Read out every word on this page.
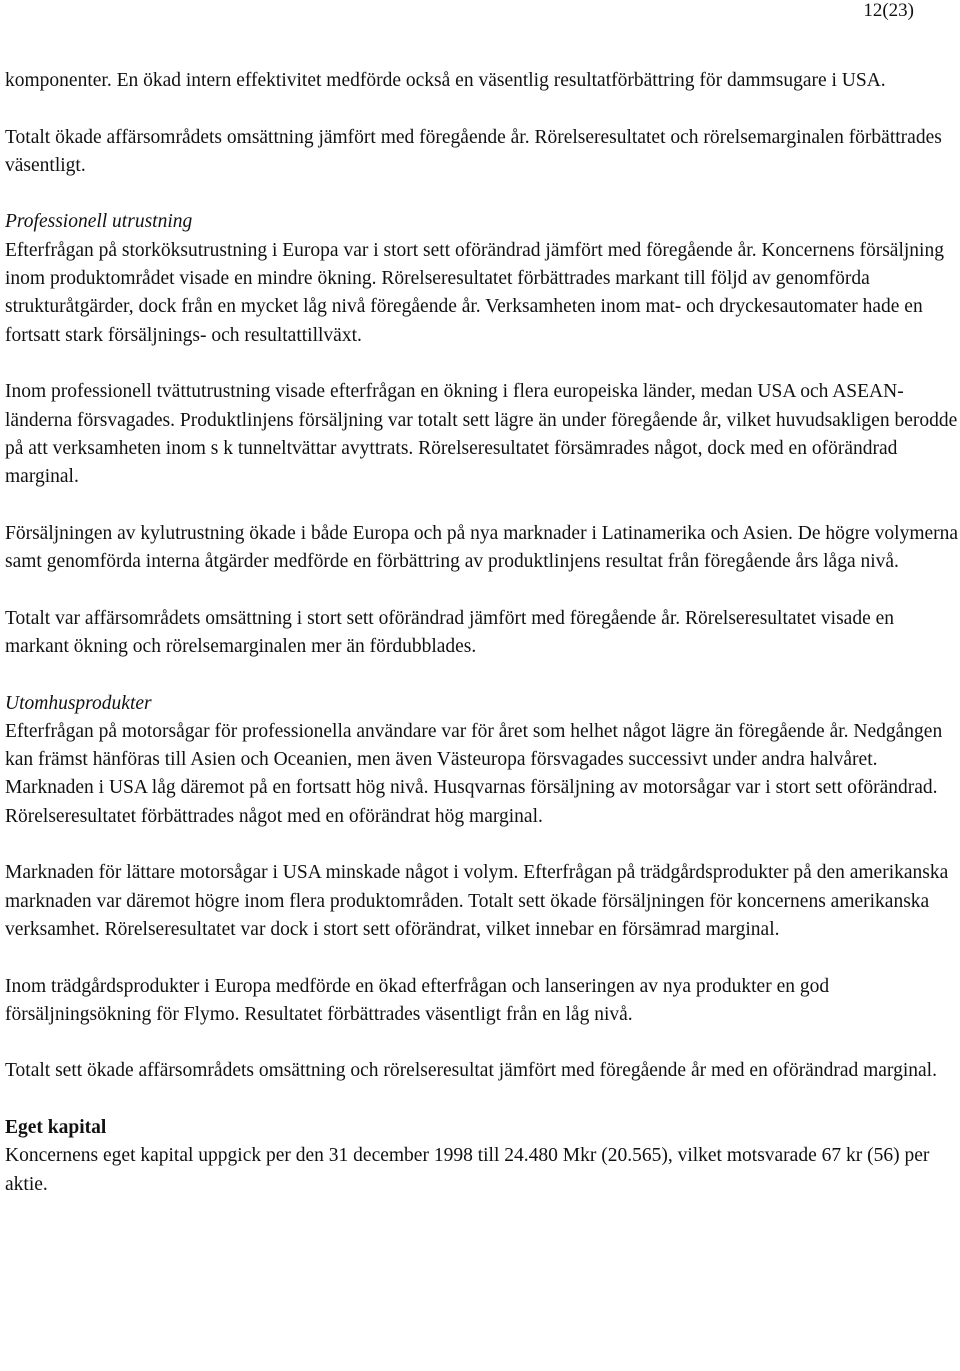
12(23)

komponenter. En ökad intern effektivitet medförde också en väsentlig resultatförbättring för dammsugare i USA.

Totalt ökade affärsområdets omsättning jämfört med föregående år. Rörelseresultatet och rörelsemarginalen förbättrades väsentligt.

Professionell utrustning
Efterfrågan på storköksutrustning i Europa var i stort sett oförändrad jämfört med föregående år. Koncernens försäljning inom produktområdet visade en mindre ökning. Rörelseresultatet förbättrades markant till följd av genomförda strukturåtgärder, dock från en mycket låg nivå föregående år. Verksamheten inom mat- och dryckesautomater hade en fortsatt stark försäljnings- och resultattillväxt.

Inom professionell tvättutrustning visade efterfrågan en ökning i flera europeiska länder, medan USA och ASEAN-länderna försvagades. Produktlinjens försäljning var totalt sett lägre än under föregående år, vilket huvudsakligen berodde på att verksamheten inom s k tunneltvättar avyttrats. Rörelseresultatet försämrades något, dock med en oförändrad marginal.

Försäljningen av kylutrustning ökade i både Europa och på nya marknader i Latinamerika och Asien. De högre volymerna samt genomförda interna åtgärder medförde en förbättring av produktlinjens resultat från föregående års låga nivå.

Totalt var affärsområdets omsättning i stort sett oförändrad jämfört med föregående år. Rörelseresultatet visade en markant ökning och rörelsemarginalen mer än fördubblades.

Utomhusprodukter
Efterfrågan på motorsågar för professionella användare var för året som helhet något lägre än föregående år. Nedgången kan främst hänföras till Asien och Oceanien, men även Västeuropa försvagades successivt under andra halvåret. Marknaden i USA låg däremot på en fortsatt hög nivå. Husqvarnas försäljning av motorsågar var i stort sett oförändrad. Rörelseresultatet förbättrades något med en oförändrat hög marginal.

Marknaden för lättare motorsågar i USA minskade något i volym. Efterfrågan på trädgårdsprodukter på den amerikanska marknaden var däremot högre inom flera produktområden. Totalt sett ökade försäljningen för koncernens amerikanska verksamhet. Rörelseresultatet var dock i stort sett oförändrat, vilket innebar en försämrad marginal.

Inom trädgårdsprodukter i Europa medförde en ökad efterfrågan och lanseringen av nya produkter en god försäljningsökning för Flymo. Resultatet förbättrades väsentligt från en låg nivå.

Totalt sett ökade affärsområdets omsättning och rörelseresultat jämfört med föregående år med en oförändrad marginal.

Eget kapital
Koncernens eget kapital uppgick per den 31 december 1998 till 24.480 Mkr (20.565), vilket motsvarade 67 kr (56) per aktie.
